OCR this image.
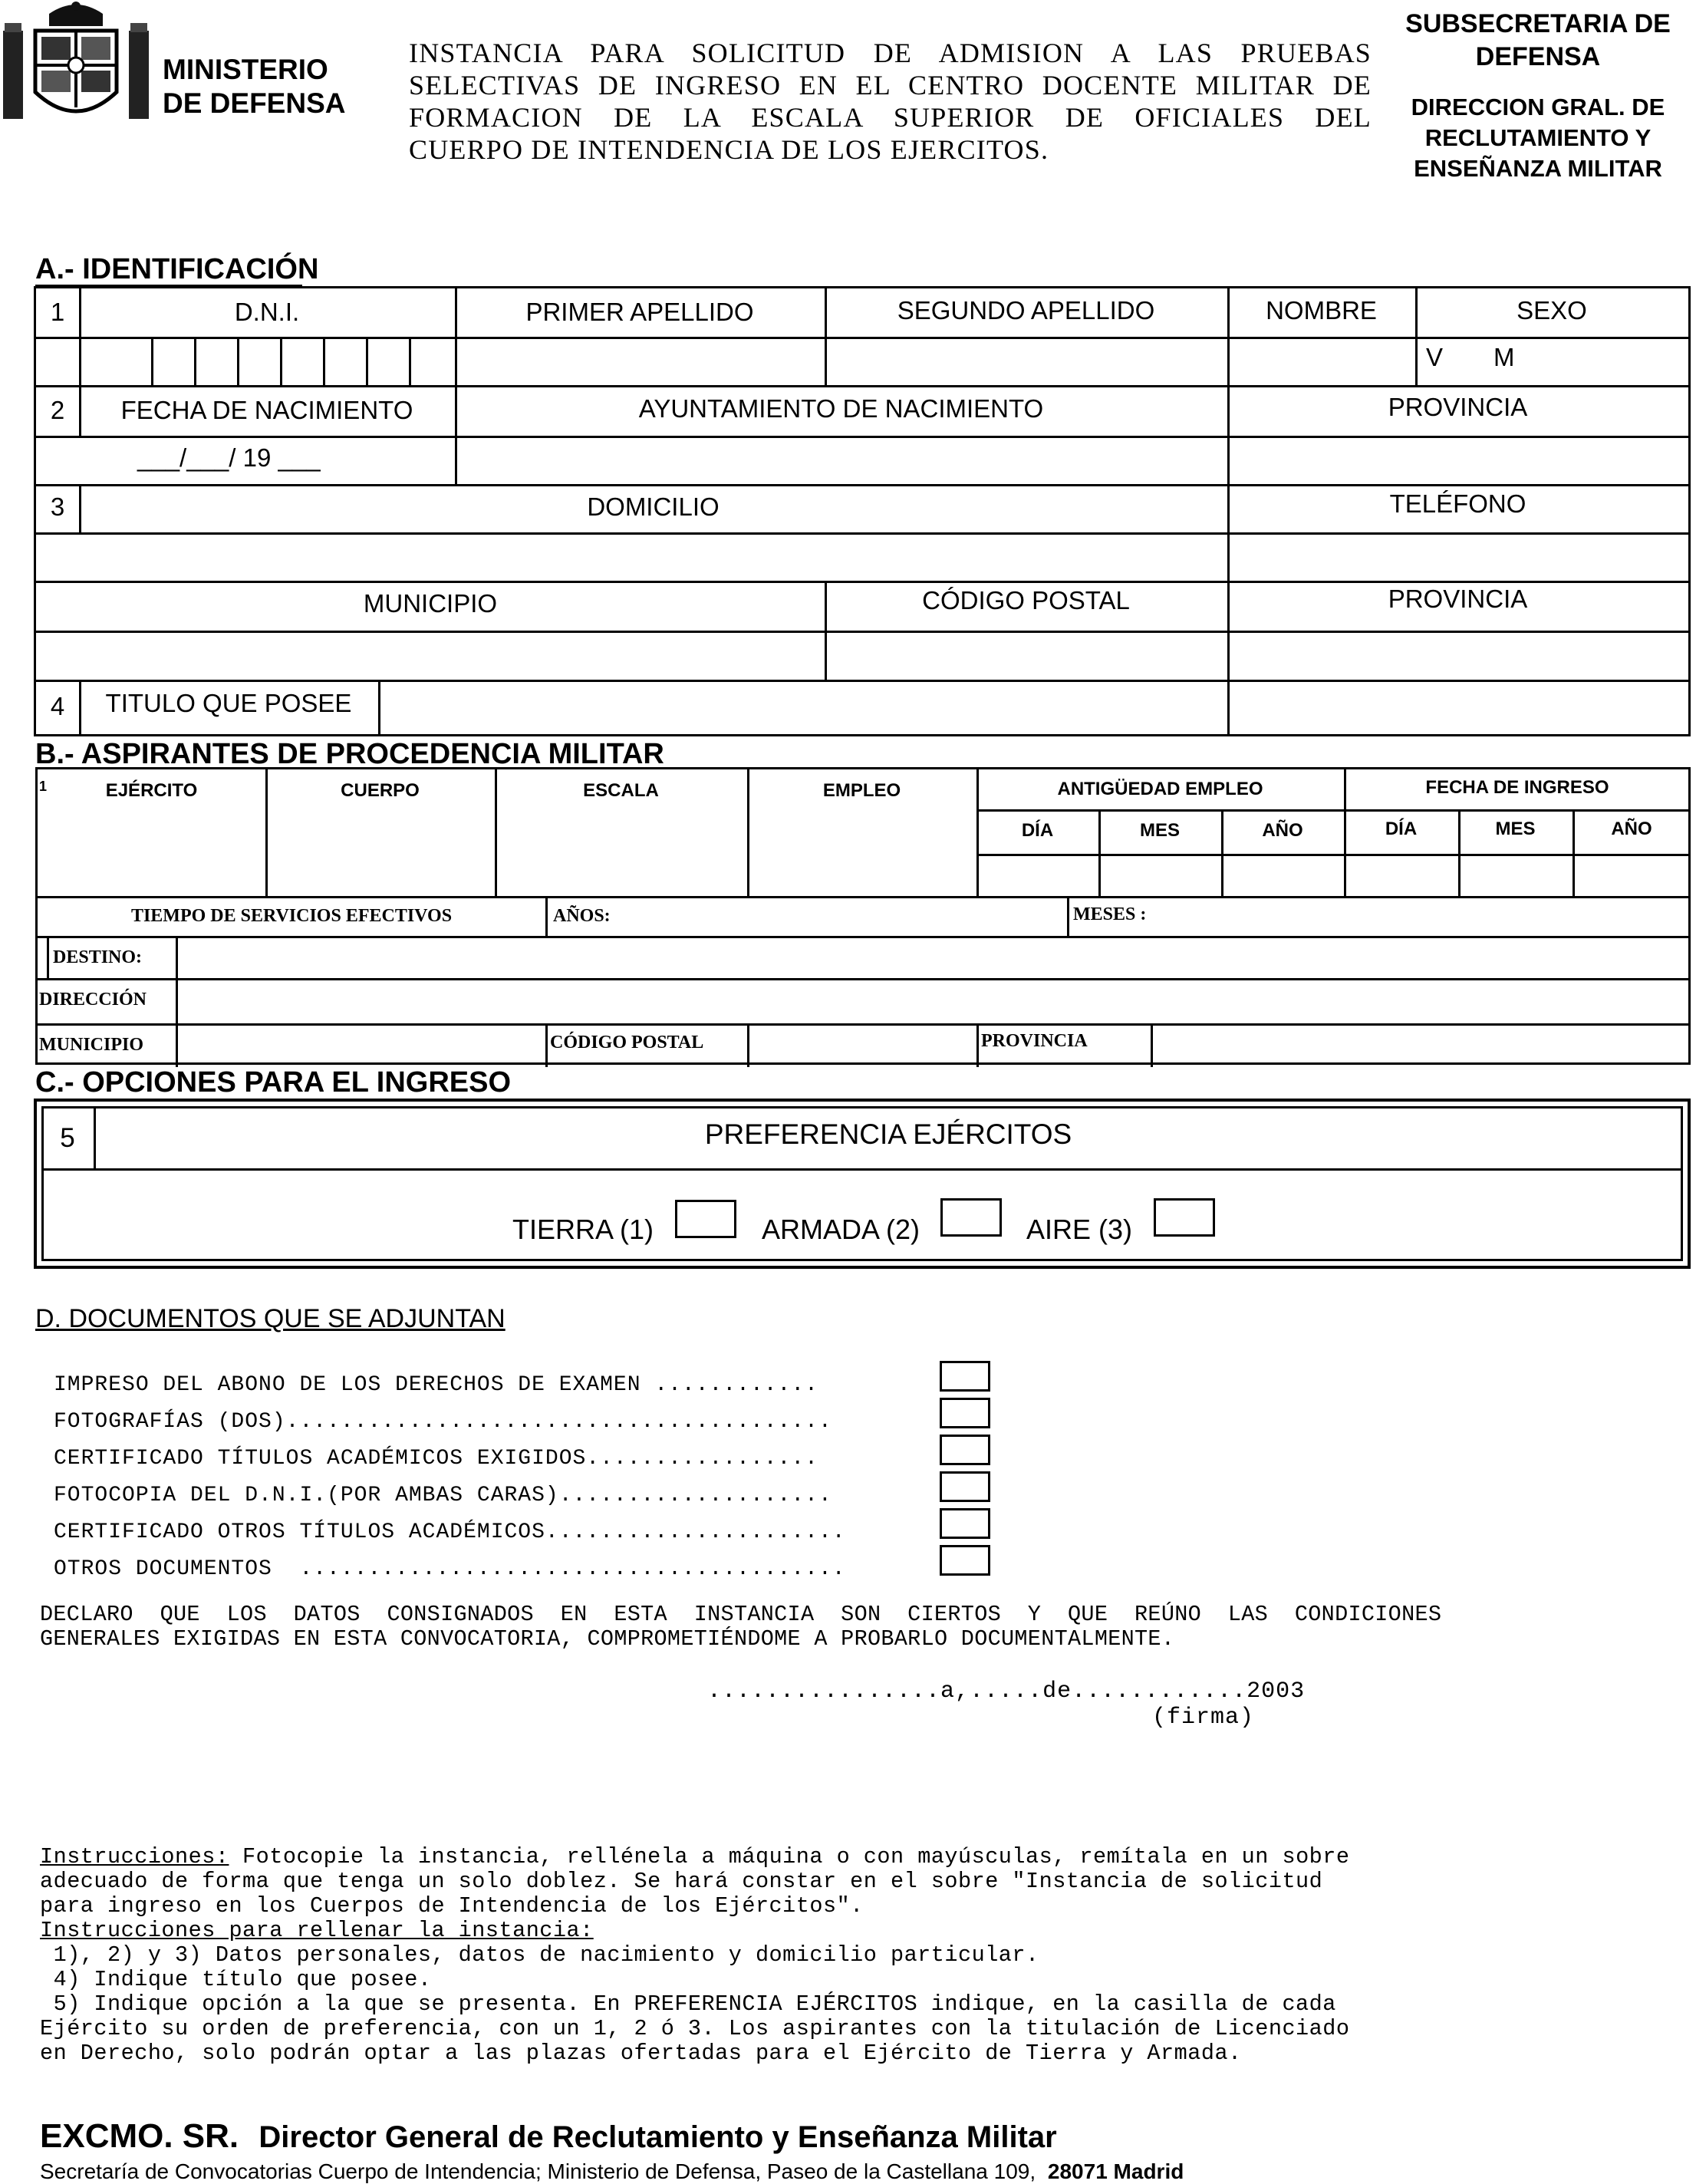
MINISTERIO
DE DEFENSA
INSTANCIA PARA SOLICITUD DE ADMISION A LAS PRUEBAS
SELECTIVAS DE INGRESO EN EL CENTRO DOCENTE MILITAR DE
FORMACION DE LA ESCALA SUPERIOR DE OFICIALES DEL
CUERPO DE INTENDENCIA DE LOS EJERCITOS.
SUBSECRETARIA DE
DEFENSA
DIRECCION GRAL. DE
RECLUTAMIENTO Y
ENSEÑANZA MILITAR
A.- IDENTIFICACIÓN
1	D.N.I.	PRIMER APELLIDO	SEGUNDO APELLIDO	NOMBRE	SEXO
V M
2	FECHA DE NACIMIENTO	AYUNTAMIENTO DE NACIMIENTO	PROVINCIA
___/___/ 19 ___
3	DOMICILIO	TELÉFONO
MUNICIPIO	CÓDIGO POSTAL	PROVINCIA
4	TITULO QUE POSEE
B.- ASPIRANTES DE PROCEDENCIA MILITAR
1	EJÉRCITO	CUERPO	ESCALA	EMPLEO	ANTIGÜEDAD EMPLEO	FECHA DE INGRESO
DÍA	MES	AÑO	DÍA	MES	AÑO
TIEMPO DE SERVICIOS EFECTIVOS	AÑOS:	MESES :
DESTINO:
DIRECCIÓN
MUNICIPIO	CÓDIGO POSTAL	PROVINCIA
C.- OPCIONES PARA EL INGRESO
5	PREFERENCIA EJÉRCITOS
TIERRA (1)	ARMADA (2)	AIRE (3)
D. DOCUMENTOS QUE SE ADJUNTAN
IMPRESO DEL ABONO DE LOS DERECHOS DE EXAMEN ............
FOTOGRAFÍAS (DOS)........................................
CERTIFICADO TÍTULOS ACADÉMICOS EXIGIDOS.................
FOTOCOPIA DEL D.N.I.(POR AMBAS CARAS)....................
CERTIFICADO OTROS TÍTULOS ACADÉMICOS......................
OTROS DOCUMENTOS  ........................................
DECLARO  QUE  LOS  DATOS  CONSIGNADOS  EN  ESTA  INSTANCIA  SON  CIERTOS  Y  QUE  REÚNO  LAS  CONDICIONES
GENERALES EXIGIDAS EN ESTA CONVOCATORIA, COMPROMETIÉNDOME A PROBARLO DOCUMENTALMENTE.
................a,.....de............2003
(firma)
Instrucciones: Fotocopie la instancia, rellénela a máquina o con mayúsculas, remítala en un sobre
adecuado de forma que tenga un solo doblez. Se hará constar en el sobre "Instancia de solicitud
para ingreso en los Cuerpos de Intendencia de los Ejércitos".
Instrucciones para rellenar la instancia:
1), 2) y 3) Datos personales, datos de nacimiento y domicilio particular.
4) Indique título que posee.
5) Indique opción a la que se presenta. En PREFERENCIA EJÉRCITOS indique, en la casilla de cada
Ejército su orden de preferencia, con un 1, 2 ó 3. Los aspirantes con la titulación de Licenciado
en Derecho, solo podrán optar a las plazas ofertadas para el Ejército de Tierra y Armada.
EXCMO. SR. Director General de Reclutamiento y Enseñanza Militar
Secretaría de Convocatorias Cuerpo de Intendencia; Ministerio de Defensa, Paseo de la Castellana 109, 28071 Madrid
